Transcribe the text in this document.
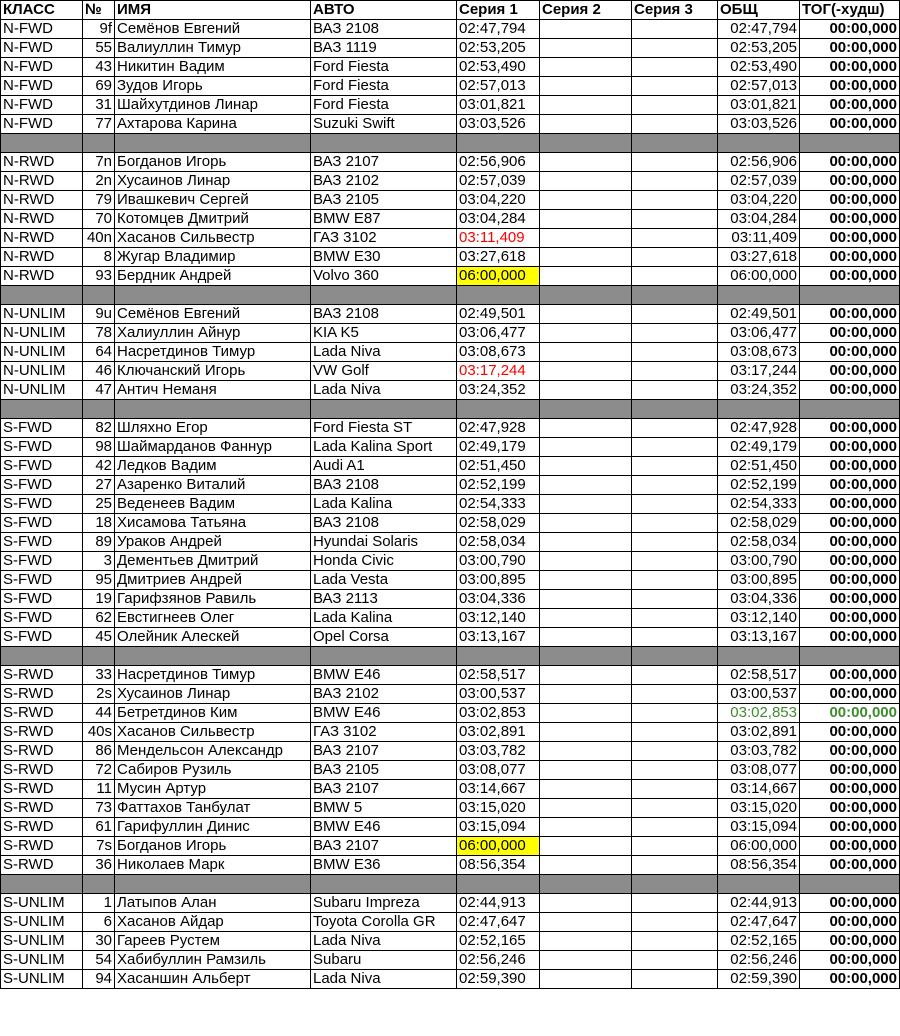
КЛАСС	№	ИМЯ	АВТО	Серия 1	Серия 2	Серия 3	ОБЩ	ТОГ(-худш)
N-FWD	9f	Семёнов Евгений	ВАЗ 2108	02:47,794			02:47,794	00:00,000
N-FWD	55	Валиуллин Тимур	ВАЗ 1119	02:53,205			02:53,205	00:00,000
N-FWD	43	Никитин Вадим	Ford Fiesta	02:53,490			02:53,490	00:00,000
N-FWD	69	Зудов Игорь	Ford Fiesta	02:57,013			02:57,013	00:00,000
N-FWD	31	Шайхутдинов Линар	Ford Fiesta	03:01,821			03:01,821	00:00,000
N-FWD	77	Ахтарова Карина	Suzuki Swift	03:03,526			03:03,526	00:00,000

N-RWD	7n	Богданов Игорь	ВАЗ 2107	02:56,906			02:56,906	00:00,000
N-RWD	2n	Хусаинов Линар	ВАЗ 2102	02:57,039			02:57,039	00:00,000
N-RWD	79	Ивашкевич Сергей	ВАЗ 2105	03:04,220			03:04,220	00:00,000
N-RWD	70	Котомцев Дмитрий	BMW E87	03:04,284			03:04,284	00:00,000
N-RWD	40n	Хасанов Сильвестр	ГАЗ 3102	03:11,409			03:11,409	00:00,000
N-RWD	8	Жугар Владимир	BMW E30	03:27,618			03:27,618	00:00,000
N-RWD	93	Бердник Андрей	Volvo 360	06:00,000			06:00,000	00:00,000

N-UNLIM	9u	Семёнов Евгений	ВАЗ 2108	02:49,501			02:49,501	00:00,000
N-UNLIM	78	Халиуллин Айнур	KIA K5	03:06,477			03:06,477	00:00,000
N-UNLIM	64	Насретдинов Тимур	Lada Niva	03:08,673			03:08,673	00:00,000
N-UNLIM	46	Ключанский Игорь	VW Golf	03:17,244			03:17,244	00:00,000
N-UNLIM	47	Антич Неманя	Lada Niva	03:24,352			03:24,352	00:00,000

S-FWD	82	Шляхно Егор	Ford Fiesta ST	02:47,928			02:47,928	00:00,000
S-FWD	98	Шаймарданов Фаннур	Lada Kalina Sport	02:49,179			02:49,179	00:00,000
S-FWD	42	Ледков Вадим	Audi A1	02:51,450			02:51,450	00:00,000
S-FWD	27	Азаренко Виталий	ВАЗ 2108	02:52,199			02:52,199	00:00,000
S-FWD	25	Веденеев Вадим	Lada Kalina	02:54,333			02:54,333	00:00,000
S-FWD	18	Хисамова Татьяна	ВАЗ 2108	02:58,029			02:58,029	00:00,000
S-FWD	89	Ураков Андрей	Hyundai Solaris	02:58,034			02:58,034	00:00,000
S-FWD	3	Дементьев Дмитрий	Honda Civic	03:00,790			03:00,790	00:00,000
S-FWD	95	Дмитриев Андрей	Lada Vesta	03:00,895			03:00,895	00:00,000
S-FWD	19	Гарифзянов Равиль	ВАЗ 2113	03:04,336			03:04,336	00:00,000
S-FWD	62	Евстигнеев Олег	Lada Kalina	03:12,140			03:12,140	00:00,000
S-FWD	45	Олейник Алескей	Opel Corsa	03:13,167			03:13,167	00:00,000

S-RWD	33	Насретдинов Тимур	BMW E46	02:58,517			02:58,517	00:00,000
S-RWD	2s	Хусаинов Линар	ВАЗ 2102	03:00,537			03:00,537	00:00,000
S-RWD	44	Бетретдинов Ким	BMW E46	03:02,853			03:02,853	00:00,000
S-RWD	40s	Хасанов Сильвестр	ГАЗ 3102	03:02,891			03:02,891	00:00,000
S-RWD	86	Мендельсон Александр	ВАЗ 2107	03:03,782			03:03,782	00:00,000
S-RWD	72	Сабиров Рузиль	ВАЗ 2105	03:08,077			03:08,077	00:00,000
S-RWD	11	Мусин Артур	ВАЗ 2107	03:14,667			03:14,667	00:00,000
S-RWD	73	Фаттахов Танбулат	BMW 5	03:15,020			03:15,020	00:00,000
S-RWD	61	Гарифуллин Динис	BMW E46	03:15,094			03:15,094	00:00,000
S-RWD	7s	Богданов Игорь	ВАЗ 2107	06:00,000			06:00,000	00:00,000
S-RWD	36	Николаев Марк	BMW E36	08:56,354			08:56,354	00:00,000

S-UNLIM	1	Латыпов Алан	Subaru Impreza	02:44,913			02:44,913	00:00,000
S-UNLIM	6	Хасанов Айдар	Toyota Corolla GR	02:47,647			02:47,647	00:00,000
S-UNLIM	30	Гареев Рустем	Lada Niva	02:52,165			02:52,165	00:00,000
S-UNLIM	54	Хабибуллин Рамзиль	Subaru	02:56,246			02:56,246	00:00,000
S-UNLIM	94	Хасаншин Альберт	Lada Niva	02:59,390			02:59,390	00:00,000
